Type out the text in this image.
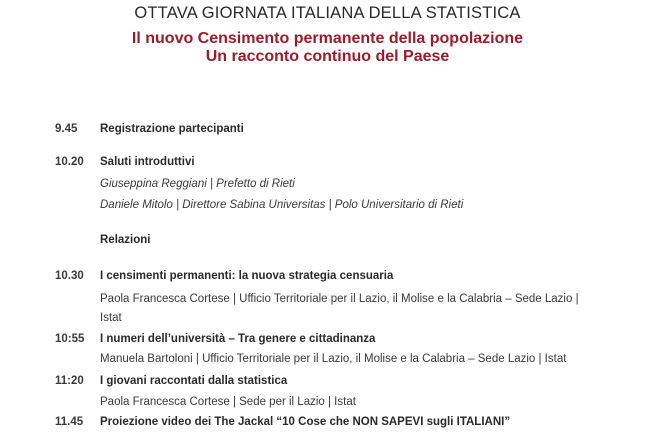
OTTAVA GIORNATA ITALIANA DELLA STATISTICA
Il nuovo Censimento permanente della popolazione
Un racconto continuo del Paese
9.45 Registrazione partecipanti
10.20 Saluti introduttivi
Giuseppina Reggiani | Prefetto di Rieti
Daniele Mitolo | Direttore Sabina Universitas | Polo Universitario di Rieti
Relazioni
10.30 I censimenti permanenti: la nuova strategia censuaria
Paola Francesca Cortese | Ufficio Territoriale per il Lazio, il Molise e la Calabria – Sede Lazio |
Istat
10:55 I numeri dell’università – Tra genere e cittadinanza
Manuela Bartoloni | Ufficio Territoriale per il Lazio, il Molise e la Calabria – Sede Lazio | Istat
11:20 I giovani raccontati dalla statistica
Paola Francesca Cortese | Sede per il Lazio | Istat
11.45 Proiezione video dei The Jackal “10 Cose che NON SAPEVI sugli ITALIANI”
